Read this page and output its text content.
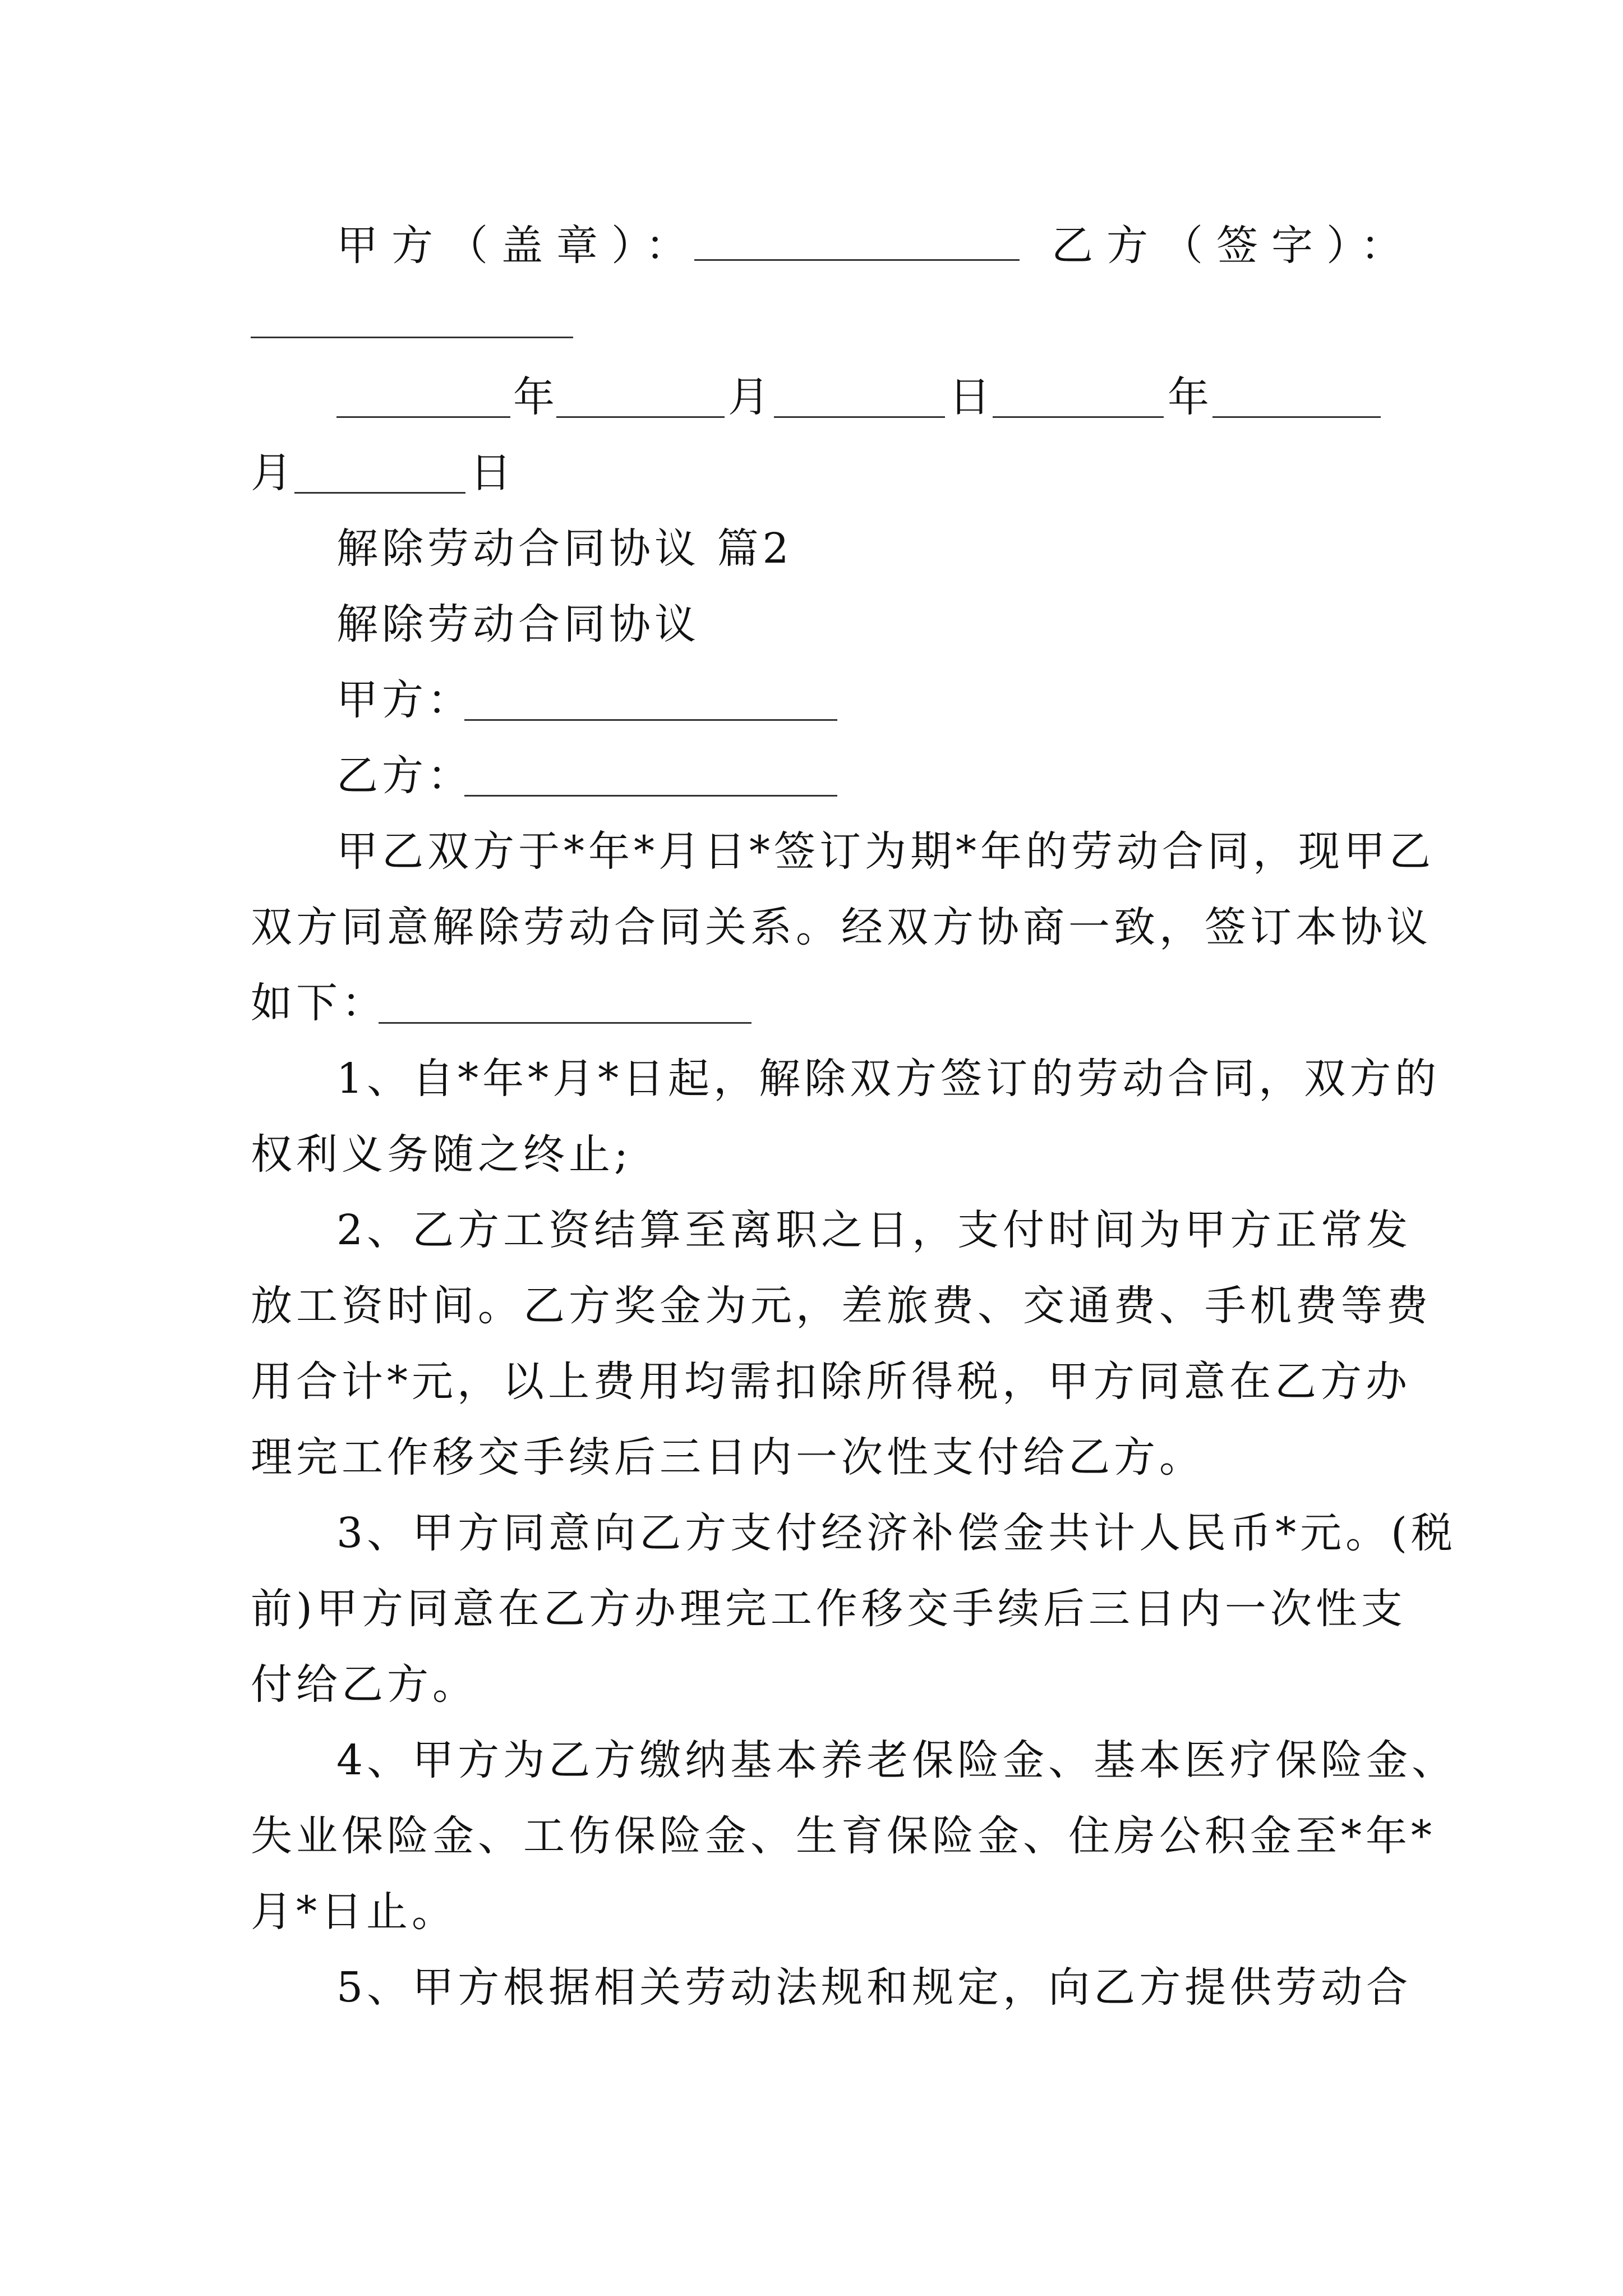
甲方（盖章）：	乙方（签字）：
年	月	日	年
月	日
解除劳动合同协议 篇2
解除劳动合同协议
甲方：
乙方：
甲乙双方于*年*月日*签订为期*年的劳动合同，现甲乙
双方同意解除劳动合同关系。经双方协商一致，签订本协议
如下：
1、自*年*月*日起，解除双方签订的劳动合同，双方的
权利义务随之终止;
2、乙方工资结算至离职之日，支付时间为甲方正常发
放工资时间。乙方奖金为元，差旅费、交通费、手机费等费
用合计*元，以上费用均需扣除所得税，甲方同意在乙方办
理完工作移交手续后三日内一次性支付给乙方。
3、甲方同意向乙方支付经济补偿金共计人民币*元。(税
前)甲方同意在乙方办理完工作移交手续后三日内一次性支
付给乙方。
4、甲方为乙方缴纳基本养老保险金、基本医疗保险金、
失业保险金、工伤保险金、生育保险金、住房公积金至*年*
月*日止。
5、甲方根据相关劳动法规和规定，向乙方提供劳动合
